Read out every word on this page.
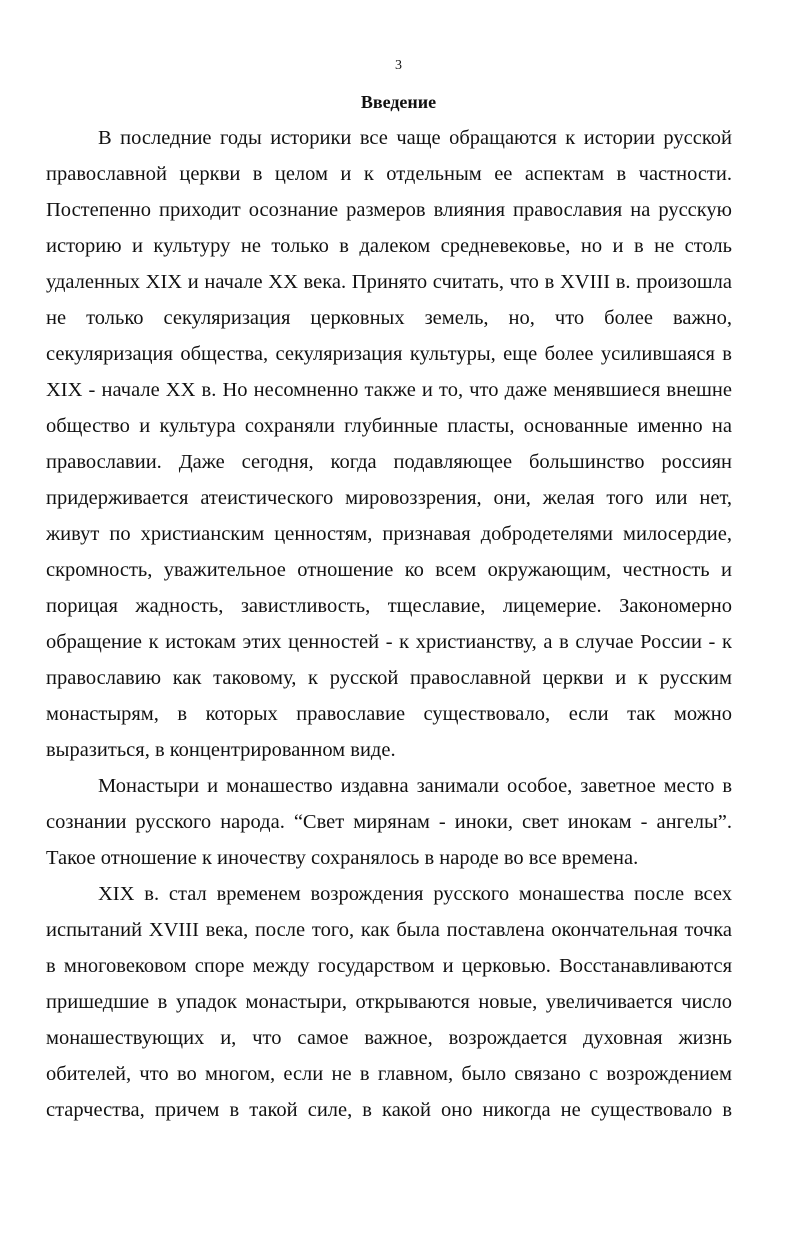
3
Введение
В последние годы историки все чаще обращаются к истории русской
православной церкви в целом и к отдельным ее аспектам в частности.
Постепенно приходит осознание размеров влияния православия на русскую
историю и культуру не только в далеком средневековье, но и в не столь
удаленных XIX и начале XX века. Принято считать, что в XVIII в. произошла
не только секуляризация церковных земель, но, что более важно,
секуляризация общества, секуляризация культуры, еще более усилившаяся в
XIX - начале XX в. Но несомненно также и то, что даже менявшиеся внешне
общество и культура сохраняли глубинные пласты, основанные именно на
православии. Даже сегодня, когда подавляющее большинство россиян
придерживается атеистического мировоззрения, они, желая того или нет,
живут по христианским ценностям, признавая добродетелями милосердие,
скромность, уважительное отношение ко всем окружающим, честность и
порицая жадность, завистливость, тщеславие, лицемерие. Закономерно
обращение к истокам этих ценностей - к христианству, а в случае России - к
православию как таковому, к русской православной церкви и к русским
монастырям, в которых православие существовало, если так можно
выразиться, в концентрированном виде.
Монастыри и монашество издавна занимали особое, заветное место в
сознании русского народа. “Свет мирянам - иноки, свет инокам - ангелы”.
Такое отношение к иночеству сохранялось в народе во все времена.
XIX в. стал временем возрождения русского монашества после всех
испытаний XVIII века, после того, как была поставлена окончательная точка
в многовековом споре между государством и церковью. Восстанавливаются
пришедшие в упадок монастыри, открываются новые, увеличивается число
монашествующих и, что самое важное, возрождается духовная жизнь
обителей, что во многом, если не в главном, было связано с возрождением
старчества, причем в такой силе, в какой оно никогда не существовало в
